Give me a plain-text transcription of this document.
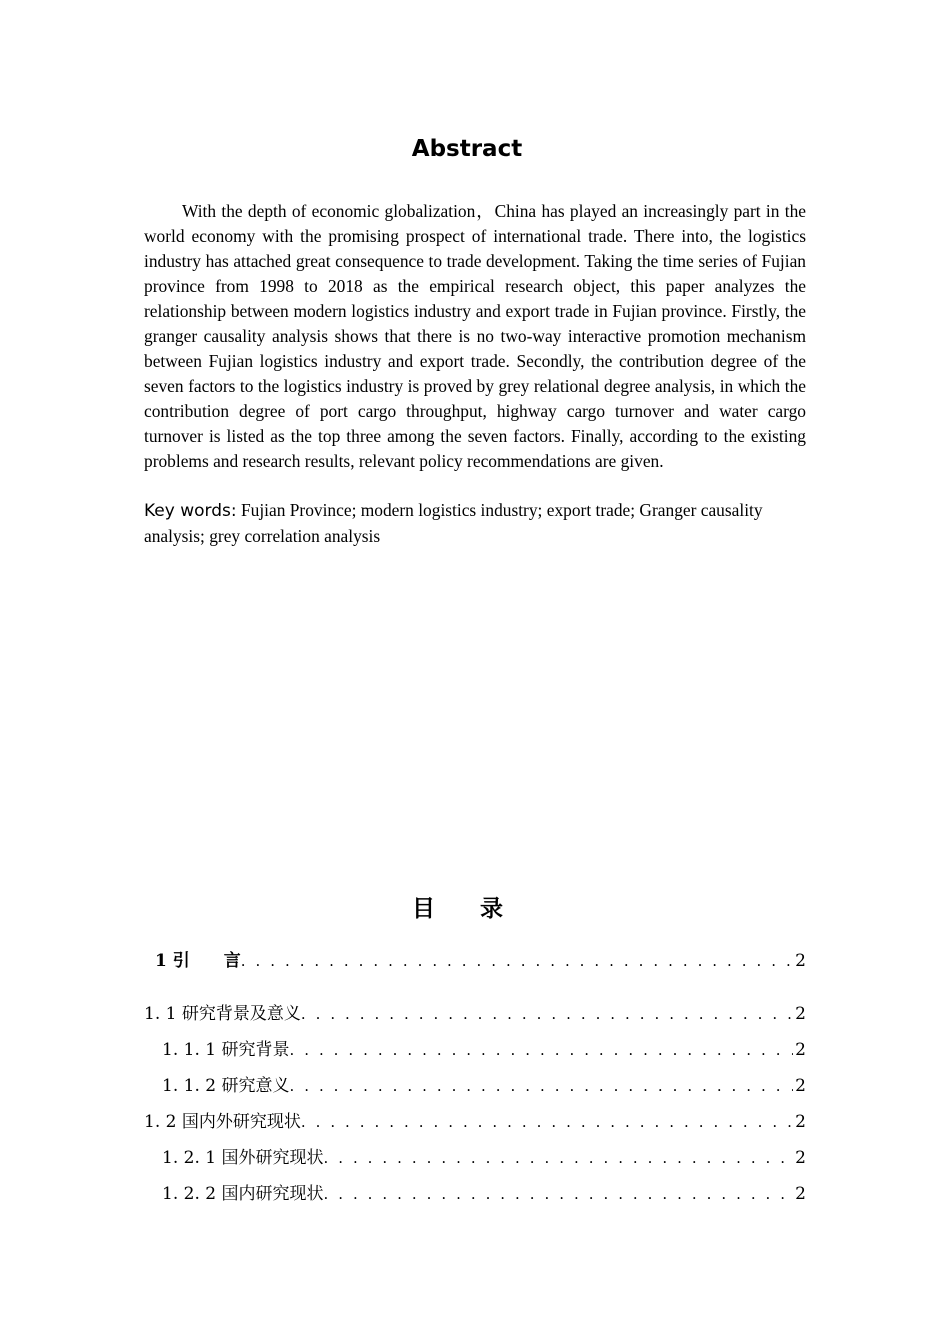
Abstract

With the depth of economic globalization，China has played an increasingly part in the world economy with the promising prospect of international trade. There into, the logistics industry has attached great consequence to trade development. Taking the time series of Fujian province from 1998 to 2018 as the empirical research object, this paper analyzes the relationship between modern logistics industry and export trade in Fujian province. Firstly, the granger causality analysis shows that there is no two-way interactive promotion mechanism between Fujian logistics industry and export trade. Secondly, the contribution degree of the seven factors to the logistics industry is proved by grey relational degree analysis, in which the contribution degree of port cargo throughput, highway cargo turnover and water cargo turnover is listed as the top three among the seven factors. Finally, according to the existing problems and research results, relevant policy recommendations are given.

Key words: Fujian Province; modern logistics industry; export trade; Granger causality analysis; grey correlation analysis

目录
1 引　　言 . . .	2
1. 1 研究背景及意义 . . .	2
1. 1. 1 研究背景 . . .	2
1. 1. 2 研究意义 . . .	2
1. 2 国内外研究现状 . . .	2
1. 2. 1 国外研究现状 . . .	2
1. 2. 2 国内研究现状 . . .	2
